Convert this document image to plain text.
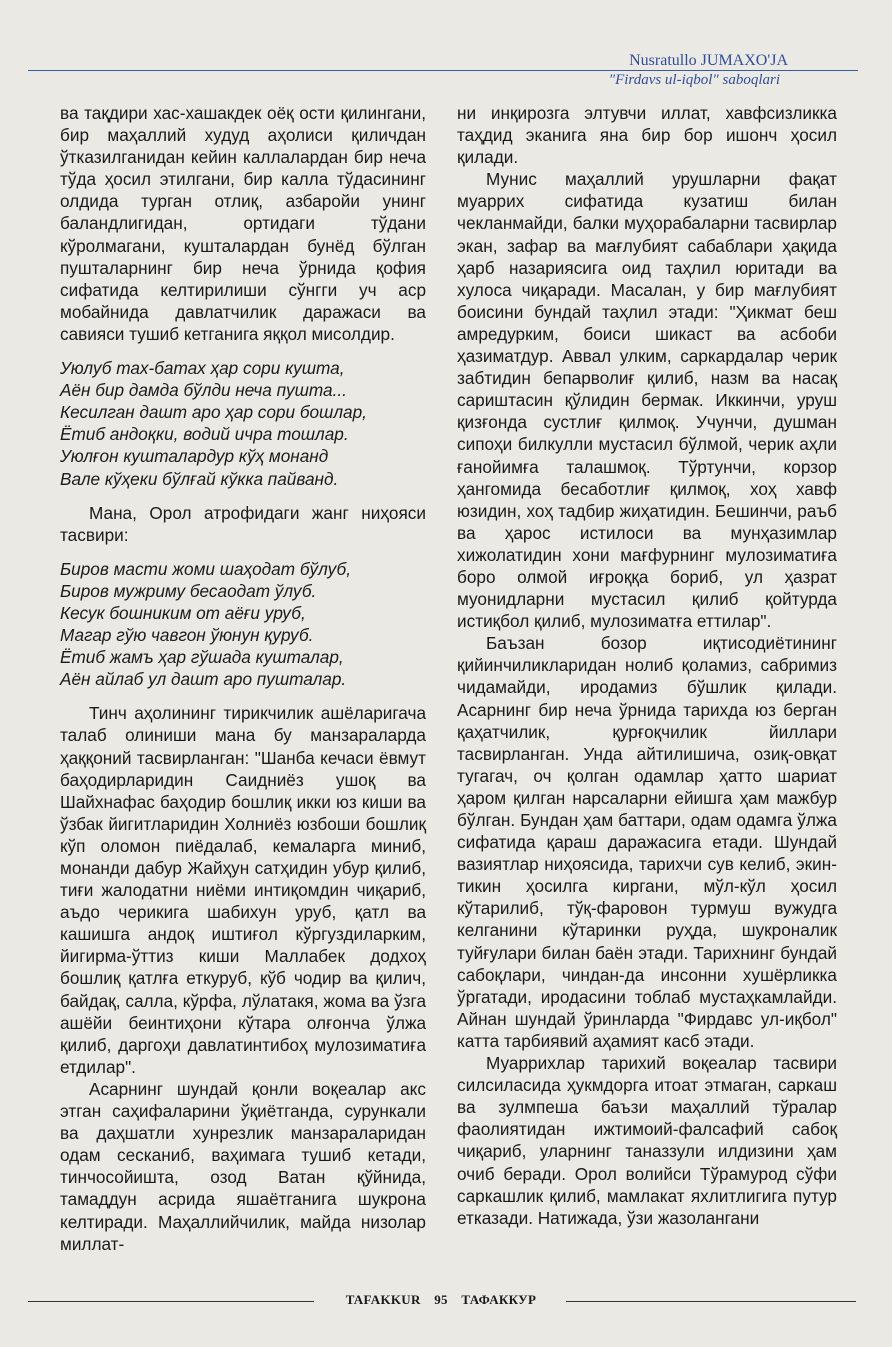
Nusratullo JUMAXO'JA
"Firdavs ul-iqbol" saboqlari

ва тақдири хас-хашакдек оёқ ости қилингани, бир маҳаллий худуд аҳолиси қиличдан ўтказилганидан кейин каллалардан бир неча тўда ҳосил этилгани, бир калла тўдасининг олдида турган отлиқ, азбаройи унинг баландлигидан, ортидаги тўдани кўролмагани, кушталардан бунёд бўлган пушталарнинг бир неча ўрнида қофия сифатида келтирилиши сўнгги уч аср мобайнида давлатчилик даражаси ва савияси тушиб кетганига яққол мисолдир.

Уюлуб тах-батах ҳар сори кушта,
Аён бир дамда бўлди неча пушта...
Кесилган дашт аро ҳар сори бошлар,
Ётиб андоқки, водий ичра тошлар.
Уюлғон кушталардур кўҳ монанд
Вале кўҳеки бўлғай кўкка пайванд.

Мана, Орол атрофидаги жанг ниҳояси тасвири:

Биров масти жоми шаҳодат бўлуб,
Биров мужриму бесаодат ўлуб.
Кесук бошниким от аёғи уруб,
Магар гўю чавгон ўюнун қуруб.
Ётиб жамъ ҳар гўшада кушталар,
Аён айлаб ул дашт аро пушталар.

Тинч аҳолининг тирикчилик ашёларигача талаб олиниши мана бу манзараларда ҳаққоний тасвирланган: "Шанба кечаси ёвмут баҳодирларидин Саидниёз ушоқ ва Шайхнафас баҳодир бошлиқ икки юз киши ва ўзбак йигитларидин Холниёз юзбоши бошлиқ кўп оломон пиёдалаб, кемаларга миниб, монанди дабур Жайҳун сатҳидин убур қилиб, тиғи жалодатни ниёми интиқомдин чиқариб, аъдо черикига шабихун уруб, қатл ва кашишга андоқ иштиғол кўргуздиларким, йигирма-ўттиз киши Маллабек додхоҳ бошлиқ қатлға еткуруб, кўб чодир ва қилич, байдақ, салла, кўрфа, лўлатакя, жома ва ўзга ашёйи беинтиҳони кўтара олғонча ўлжа қилиб, даргоҳи давлатинтибоҳ мулозиматиға етдилар".

Асарнинг шундай қонли воқеалар акс этган саҳифаларини ўқиётганда, сурункали ва даҳшатли хунрезлик манзараларидан одам сесканиб, ваҳимага тушиб кетади, тинчосойишта, озод Ватан қўйнида, тамаддун асрида яшаётганига шукрона келтиради. Маҳаллийчилик, майда низолар миллат-

ни инқирозга элтувчи иллат, хавфсизликка таҳдид эканига яна бир бор ишонч ҳосил қилади.

Мунис маҳаллий урушларни фақат муаррих сифатида кузатиш билан чекланмайди, балки муҳорабаларни тасвирлар экан, зафар ва мағлубият сабаблари ҳақида ҳарб назариясига оид таҳлил юритади ва хулоса чиқаради. Масалан, у бир мағлубият боисини бундай таҳлил этади: "Ҳикмат беш амредурким, боиси шикаст ва асбоби ҳазиматдур. Аввал улким, саркардалар черик забтидин бепарволиғ қилиб, назм ва насақ сариштасин қўлидин бермак. Иккинчи, уруш қизғонда сустлиғ қилмоқ. Учунчи, душман сипоҳи билкулли мустасил бўлмой, черик аҳли ғанойимға талашмоқ. Тўртунчи, корзор ҳангомида бесаботлиғ қилмоқ, хоҳ хавф юзидин, хоҳ тадбир жиҳатидин. Бешинчи, раъб ва ҳарос истилоси ва мунҳазимлар хижолатидин хони мағфурнинг мулозиматиға боро олмой иғроққа бориб, ул ҳазрат муонидларни мустасил қилиб қойтурда истиқбол қилиб, мулозиматға еттилар".

Баъзан бозор иқтисодиётининг қийинчиликларидан нолиб қоламиз, сабримиз чидамайди, иродамиз бўшлик қилади. Асарнинг бир неча ўрнида тарихда юз берган қаҳатчилик, қурғоқчилик йиллари тасвирланган. Унда айтилишича, озиқ-овқат тугагач, оч қолган одамлар ҳатто шариат ҳаром қилган нарсаларни ейишга ҳам мажбур бўлган. Бундан ҳам баттари, одам одамга ўлжа сифатида қараш даражасига етади. Шундай вазиятлар ниҳоясида, тарихчи сув келиб, экин-тикин ҳосилга киргани, мўл-кўл ҳосил кўтарилиб, тўқ-фаровон турмуш вужудга келганини кўтаринки руҳда, шукроналик туйғулари билан баён этади. Тарихнинг бундай сабоқлари, чиндан-да инсонни хушёрликка ўргатади, иродасини тоблаб мустаҳкамлайди. Айнан шундай ўринларда "Фирдавс ул-иқбол" катта тарбиявий аҳамият касб этади.

Муаррихлар тарихий воқеалар тасвири силсиласида ҳукмдорга итоат этмаган, саркаш ва зулмпеша баъзи маҳаллий тўралар фаолиятидан ижтимоий-фалсафий сабоқ чиқариб, уларнинг таназзули илдизини ҳам очиб беради. Орол волийси Тўрамурод сўфи саркашлик қилиб, мамлакат яхлитлигига путур етказади. Натижада, ўзи жазолангани

TAFAKKUR 95 ТАФАККУР
